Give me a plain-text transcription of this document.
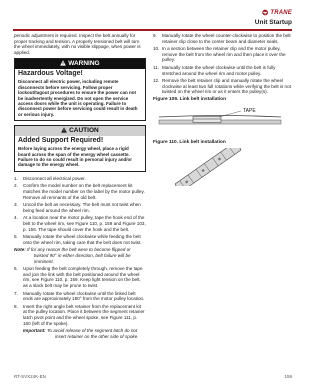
TRANE
Unit Startup

periodic adjustment is required. Inspect the belt annually for proper tracking and tension. A properly tensioned belt will turn the wheel immediately, with no visible slippage, when power is applied.

WARNING
Hazardous Voltage!
Disconnect all electric power, including remote disconnects before servicing. Follow proper lockout/tagout procedures to ensure the power can not be inadvertently energized. Do not open the service access doors while the unit is operating. Failure to disconnect power before servicing could result in death or serious injury.
CAUTION
Added Support Required!
Before laying across the energy wheel, place a rigid board across the span of the energy wheel cassette. Failure to do so could result in personal injury and/or damage to the energy wheel.
1. Disconnect all electrical power.
2. Confirm the model number on the belt replacement kit matches the model number on the label by the motor pulley. Remove all remnants of the old belt.
3. Uncoil the belt as necessary. The belt must not twist when being feed around the wheel rim.
4. At a location near the motor pulley, tape the hook end of the belt to the wheel rim, see Figure 110, p. 159 and Figure 103, p. 156. The tape should cover the hook and the belt.
5. Manually rotate the wheel clockwise while feeding the belt onto the wheel rim, taking care that the belt does not twist.

Note: If for any reason the belt were to become flipped or twisted 90° in either direction, belt failure will be imminent.

6. Upon feeding the belt completely through, remove the tape and join the link with the belt positioned around the wheel rim, see Figure 110, p. 159. Keep light tension on the belt, as a slack belt may be prone to twist.
7. Manually rotate the wheel clockwise until the linked belt ends are approximately 180° from the motor pulley location.
8. Insert the right angle belt retainer from the replacement kit at the pulley location. Place it between the segment retainer latch pivot point and the wheel spoke, see Figure 111, p. 160 (left of the spoke).

Important: To avoid release of the segment latch do not insert retainer on the other side of spoke.

9. Manually rotate the wheel counter-clockwise to position the belt retainer clip close to the center beam and diameter seals.
10. In a section between the retainer clip and the motor pulley, remove the belt from the wheel rim and then place it over the pulley.
11. Manually rotate the wheel clockwise until the belt is fully stretched around the wheel rim and motor pulley.
12. Remove the belt retainer clip and manually rotate the wheel clockwise at least two full rotations while verifying the belt is not twisted on the wheel rim or as it enters the pulley(s).
Figure 109. Link belt installation
TAPE
Figure 110. Link belt installation
RT-SVX24K-EN	159
